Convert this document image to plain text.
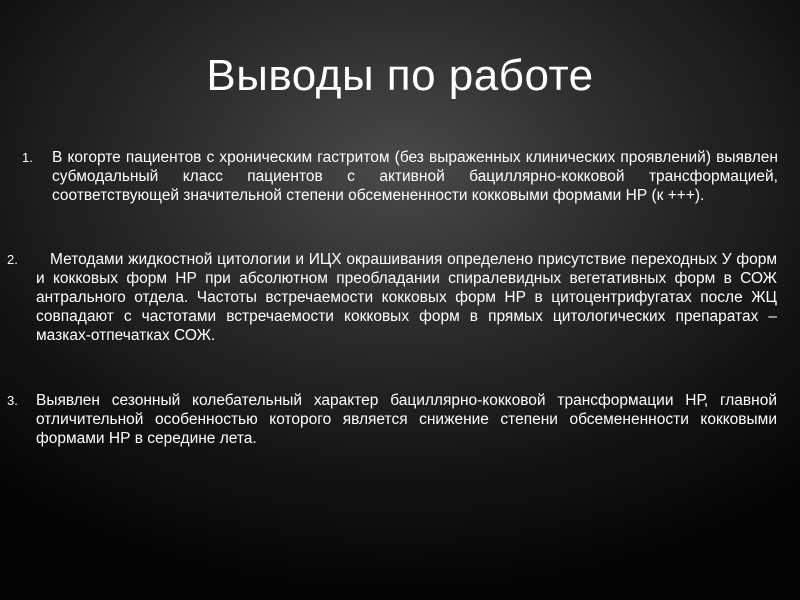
Выводы по работе
1. В когорте пациентов с хроническим гастритом (без выраженных клинических проявлений) выявлен субмодальный класс пациентов с активной бациллярно-кокковой трансформацией, соответствующей значительной степени обсемененности кокковыми формами НР (к +++).
2.	Методами жидкостной цитологии и ИЦХ окрашивания определено присутствие переходных У форм и кокковых форм НР при абсолютном преобладании спиралевидных вегетативных форм в СОЖ антрального отдела. Частоты встречаемости кокковых форм НР в цитоцентрифугатах после ЖЦ совпадают с частотами встречаемости кокковых форм в прямых цитологических препаратах – мазках-отпечатках СОЖ.
3. Выявлен сезонный колебательный характер бациллярно-кокковой трансформации НР, главной отличительной особенностью которого является снижение степени обсемененности кокковыми формами НР в середине лета.
